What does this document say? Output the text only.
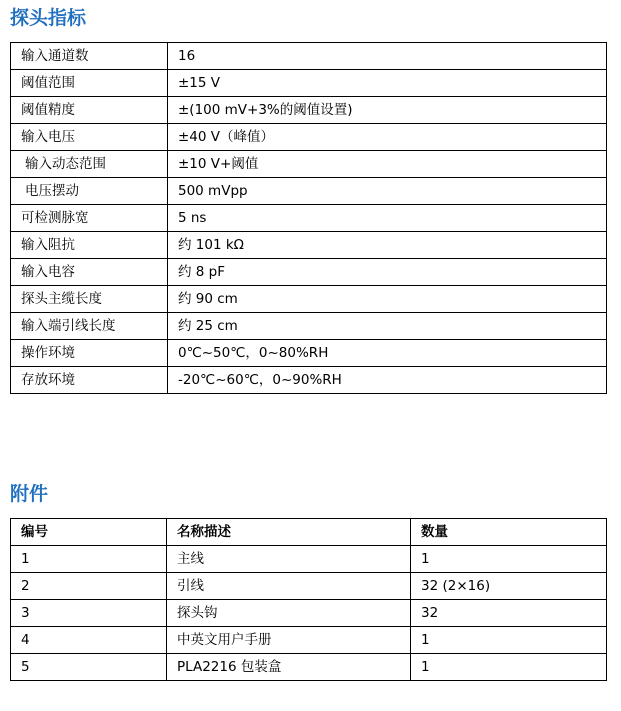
探头指标
输入通道数	16
阈值范围	±15 V
阈值精度	±(100 mV+3%的阈值设置)
输入电压	±40 V（峰值）
输入动态范围	±10 V+阈值
电压摆动	500 mVpp
可检测脉宽	5 ns
输入阻抗	约 101 kΩ
输入电容	约 8 pF
探头主缆长度	约 90 cm
输入端引线长度	约 25 cm
操作环境	0℃~50℃，0~80%RH
存放环境	-20℃~60℃，0~90%RH
附件
编号	名称描述	数量
1	主线	1
2	引线	32 (2×16)
3	探头钩	32
4	中英文用户手册	1
5	PLA2216 包装盒	1
